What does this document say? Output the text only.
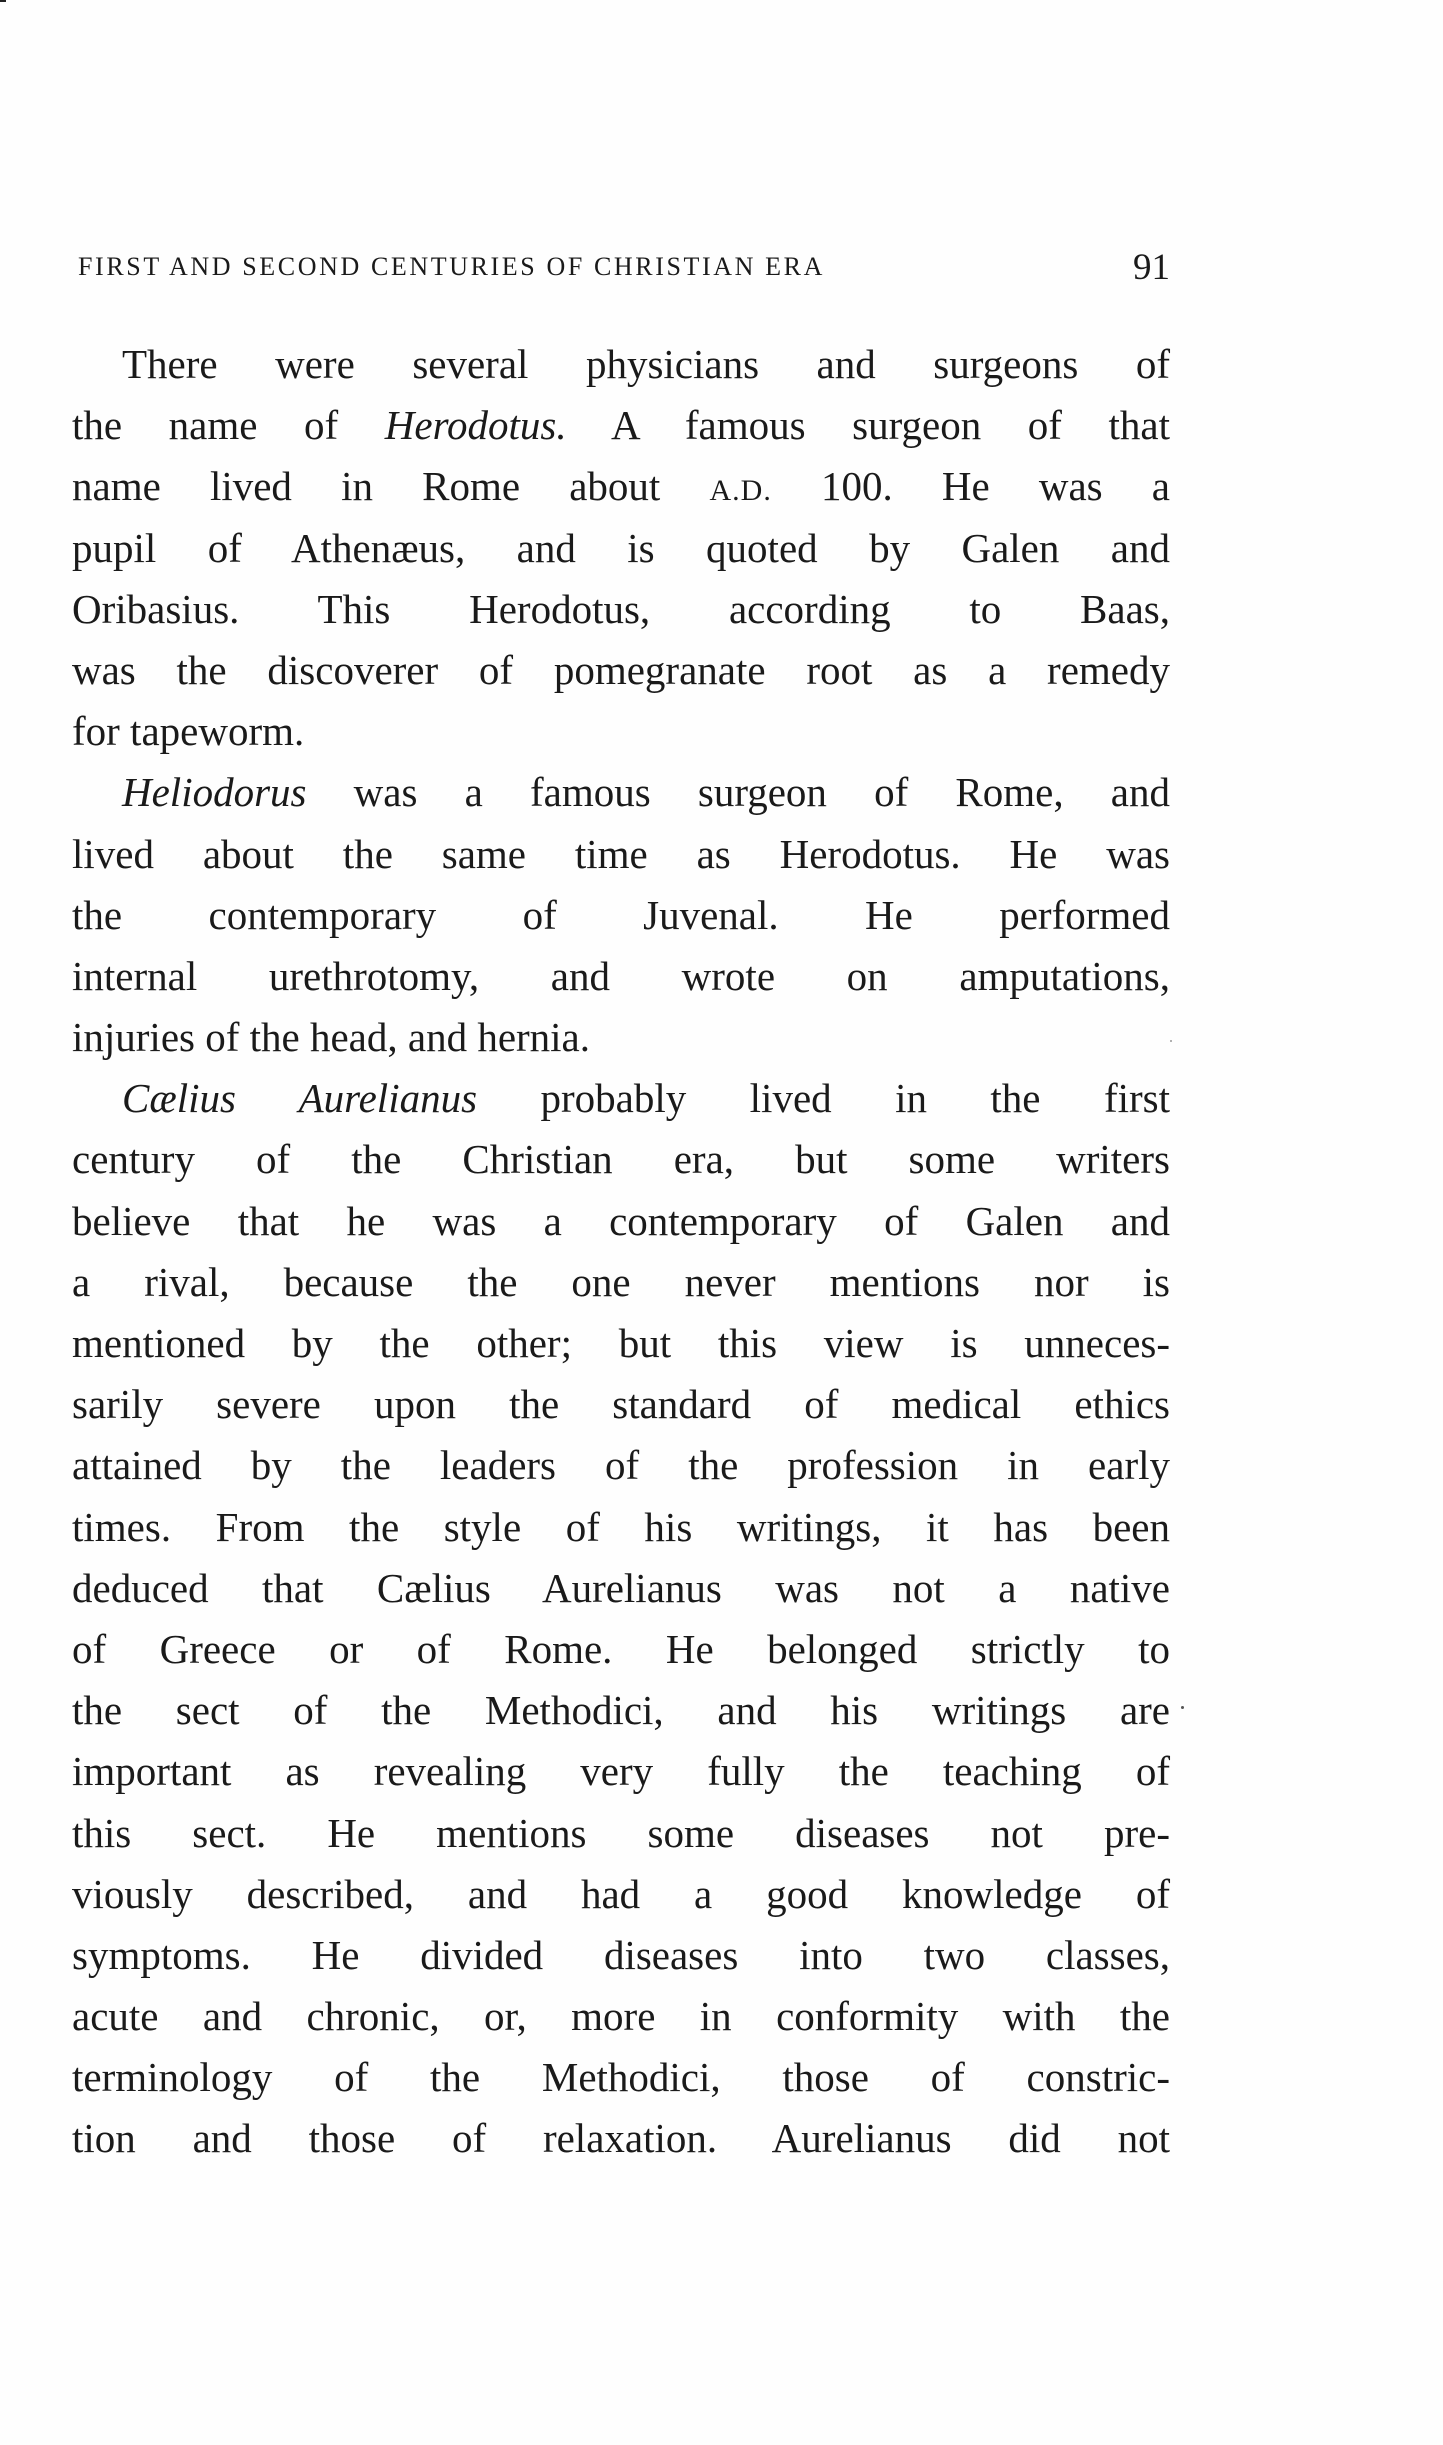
FIRST AND SECOND CENTURIES OF CHRISTIAN ERA	91
There were several physicians and surgeons of
the name of Herodotus. A famous surgeon of that
name lived in Rome about A.D. 100. He was a
pupil of Athenæus, and is quoted by Galen and
Oribasius. This Herodotus, according to Baas,
was the discoverer of pomegranate root as a remedy
for tapeworm.
Heliodorus was a famous surgeon of Rome, and
lived about the same time as Herodotus. He was
the contemporary of Juvenal. He performed
internal urethrotomy, and wrote on amputations,
injuries of the head, and hernia.
Cælius Aurelianus probably lived in the first
century of the Christian era, but some writers
believe that he was a contemporary of Galen and
a rival, because the one never mentions nor is
mentioned by the other; but this view is unneces-
sarily severe upon the standard of medical ethics
attained by the leaders of the profession in early
times. From the style of his writings, it has been
deduced that Cælius Aurelianus was not a native
of Greece or of Rome. He belonged strictly to
the sect of the Methodici, and his writings are
important as revealing very fully the teaching of
this sect. He mentions some diseases not pre-
viously described, and had a good knowledge of
symptoms. He divided diseases into two classes,
acute and chronic, or, more in conformity with the
terminology of the Methodici, those of constric-
tion and those of relaxation. Aurelianus did not
